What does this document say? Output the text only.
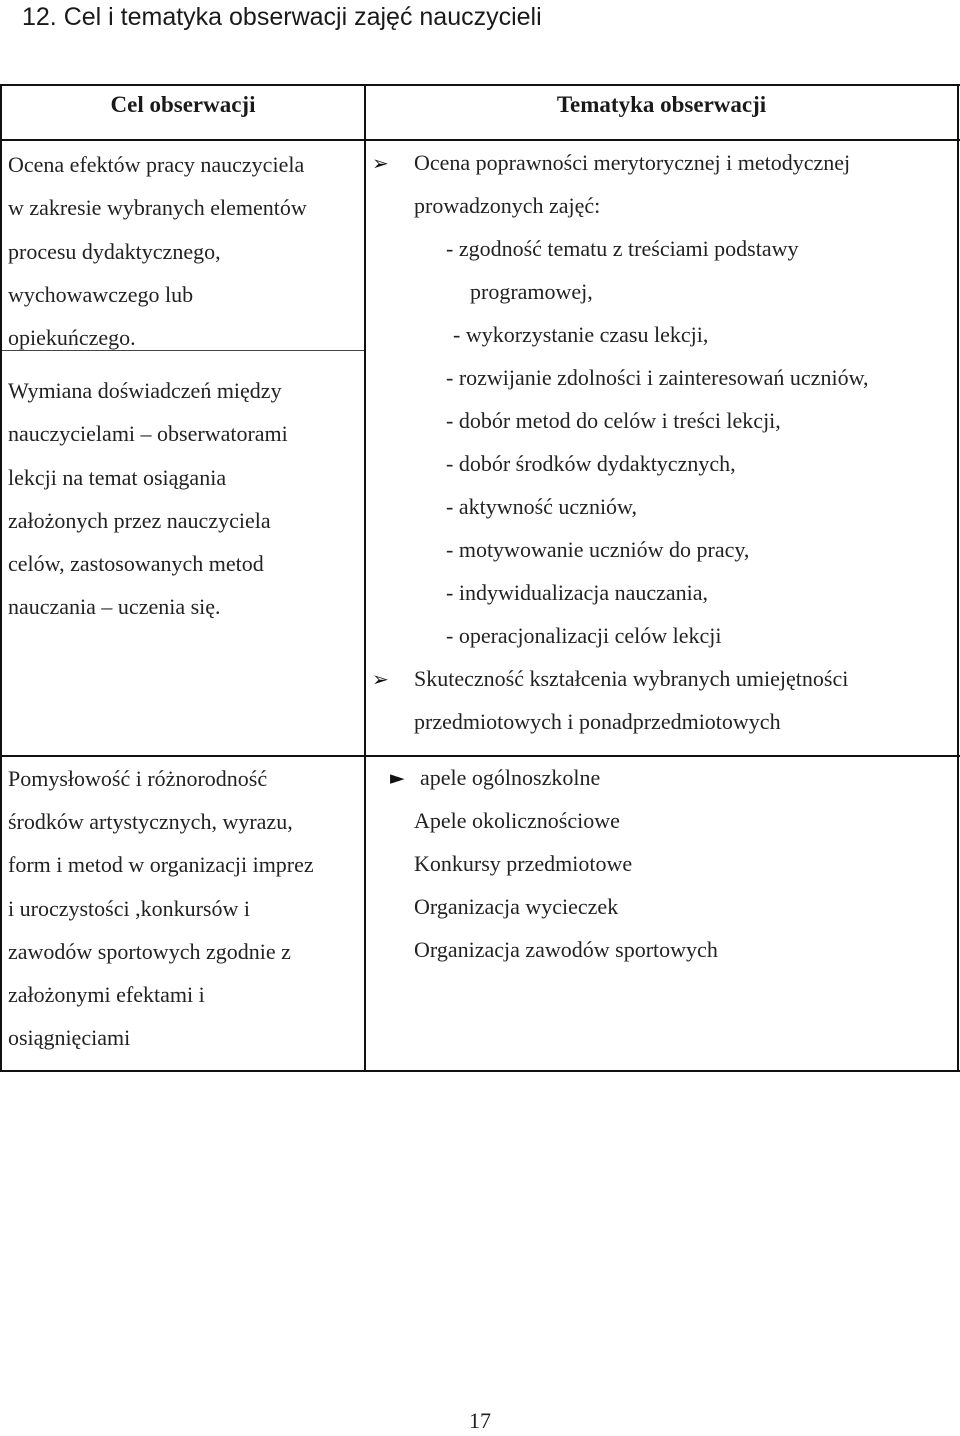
12. Cel i tematyka obserwacji zajęć nauczycieli
Cel obserwacji	Tematyka obserwacji
Ocena efektów pracy nauczyciela
w zakresie wybranych elementów
procesu dydaktycznego,
wychowawczego lub
opiekuńczego.
Wymiana doświadczeń między
nauczycielami – obserwatorami
lekcji na temat osiągania
założonych przez nauczyciela
celów, zastosowanych metod
nauczania – uczenia się.
➢ Ocena poprawności merytorycznej i metodycznej
prowadzonych zajęć:
- zgodność tematu z treściami podstawy
programowej,
- wykorzystanie czasu lekcji,
- rozwijanie zdolności i zainteresowań uczniów,
- dobór metod do celów i treści lekcji,
- dobór środków dydaktycznych,
- aktywność uczniów,
- motywowanie uczniów do pracy,
- indywidualizacja nauczania,
- operacjonalizacji celów lekcji
➢ Skuteczność kształcenia wybranych umiejętności
przedmiotowych i ponadprzedmiotowych
Pomysłowość i różnorodność
środków artystycznych, wyrazu,
form i metod w organizacji imprez
i uroczystości ,konkursów i
zawodów sportowych zgodnie z
założonymi efektami i
osiągnięciami
► apele ogólnoszkolne
Apele okolicznościowe
Konkursy przedmiotowe
Organizacja wycieczek
Organizacja zawodów sportowych
17
